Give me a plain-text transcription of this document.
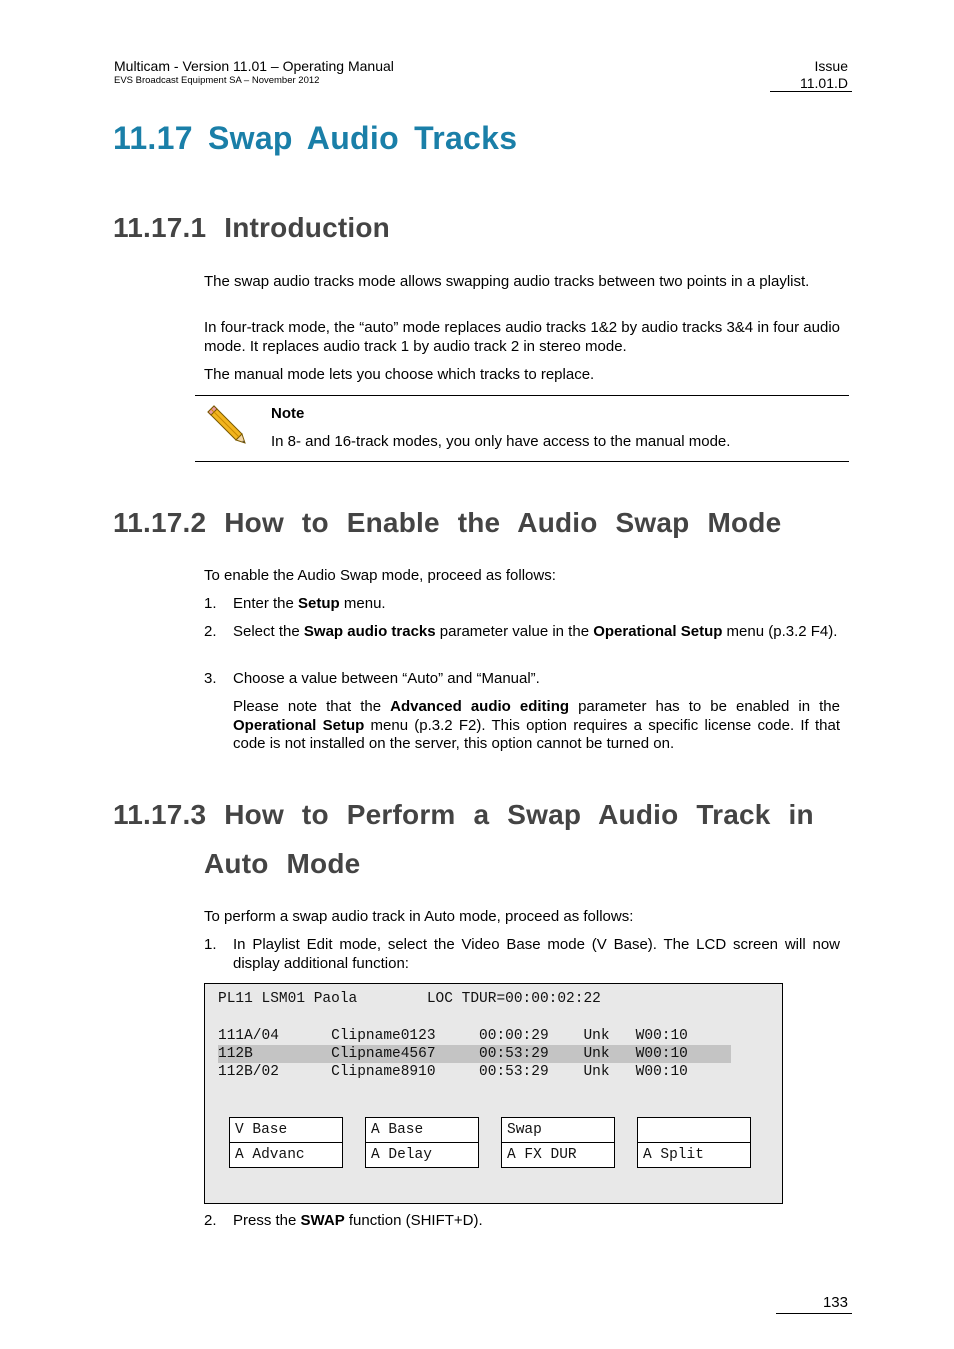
Multicam - Version 11.01 – Operating Manual
EVS Broadcast Equipment SA – November 2012
Issue
11.01.D
11.17 Swap Audio Tracks
11.17.1 Introduction

The swap audio tracks mode allows swapping audio tracks between two points in a playlist.

In four-track mode, the “auto” mode replaces audio tracks 1&2 by audio tracks 3&4 in four audio mode. It replaces audio track 1 by audio track 2 in stereo mode.

The manual mode lets you choose which tracks to replace.

Note
In 8- and 16-track modes, you only have access to the manual mode.
11.17.2 How to Enable the Audio Swap Mode

To enable the Audio Swap mode, proceed as follows:

1. Enter the Setup menu.

2. Select the Swap audio tracks parameter value in the Operational Setup menu (p.3.2 F4).

3. Choose a value between “Auto” and “Manual”.

Please note that the Advanced audio editing parameter has to be enabled in the Operational Setup menu (p.3.2 F2). This option requires a specific license code. If that code is not installed on the server, this option cannot be turned on.

11.17.3 How to Perform a Swap Audio Track in
Auto Mode

To perform a swap audio track in Auto mode, proceed as follows:

1. In Playlist Edit mode, select the Video Base mode (V Base). The LCD screen will now display additional function:

PL11 LSM01 Paola        LOC TDUR=00:00:02:22
111A/04      Clipname0123     00:00:29    Unk   W00:10
112B         Clipname4567     00:53:29    Unk   W00:10
112B/02      Clipname8910     00:53:29    Unk   W00:10
V Base
A Advanc
A Base
A Delay
Swap
A FX DUR	A Split
2. Press the SWAP function (SHIFT+D).

133
